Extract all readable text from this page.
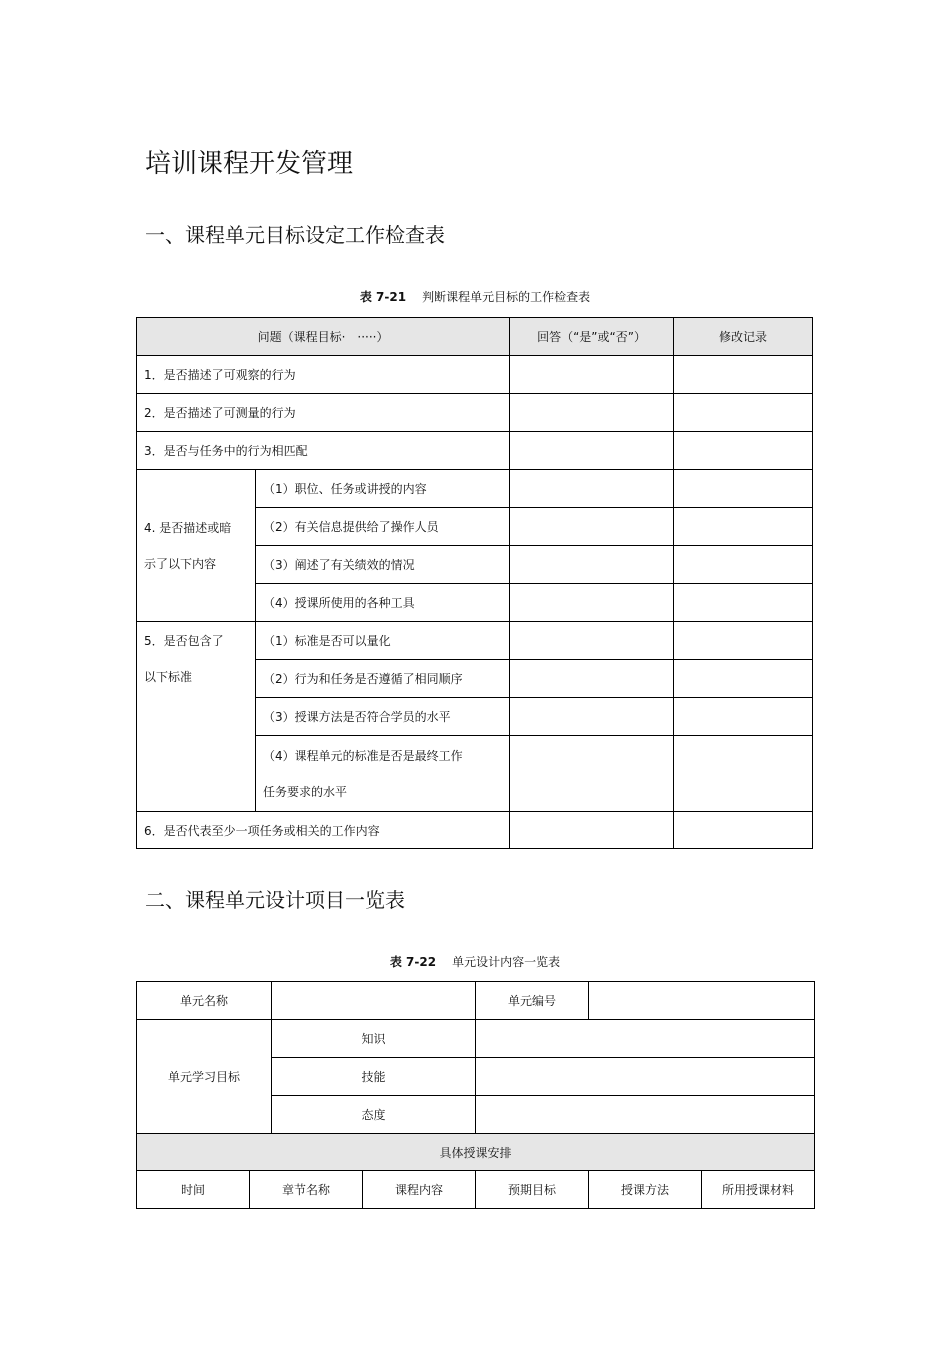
培训课程开发管理
一、课程单元目标设定工作检查表
表 7-21 判断课程单元目标的工作检查表
问题（课程目标·　·····）		回答（“是”或“否”）	修改记录
1．是否描述了可观察的行为			
2．是否描述了可测量的行为			
3．是否与任务中的行为相匹配			

4. 是否描述或暗
示了以下内容	（1）职位、任务或讲授的内容		
	（2）有关信息提供给了操作人员		
	（3）阐述了有关绩效的情况		
	（4）授课所使用的各种工具		

5．是否包含了
以下标准	（1）标准是否可以量化		
	（2）行为和任务是否遵循了相同顺序		
	（3）授课方法是否符合学员的水平		

	（4）课程单元的标准是否是最终工作
任务要求的水平		

6．是否代表至少一项任务或相关的工作内容			
二、课程单元设计项目一览表
表 7-22 单元设计内容一览表
单元名称				单元编号		
单元学习目标		知识				
		技能				
		态度				
具体授课安排						
时间	章节名称		课程内容	预期目标	授课方法	所用授课材料
